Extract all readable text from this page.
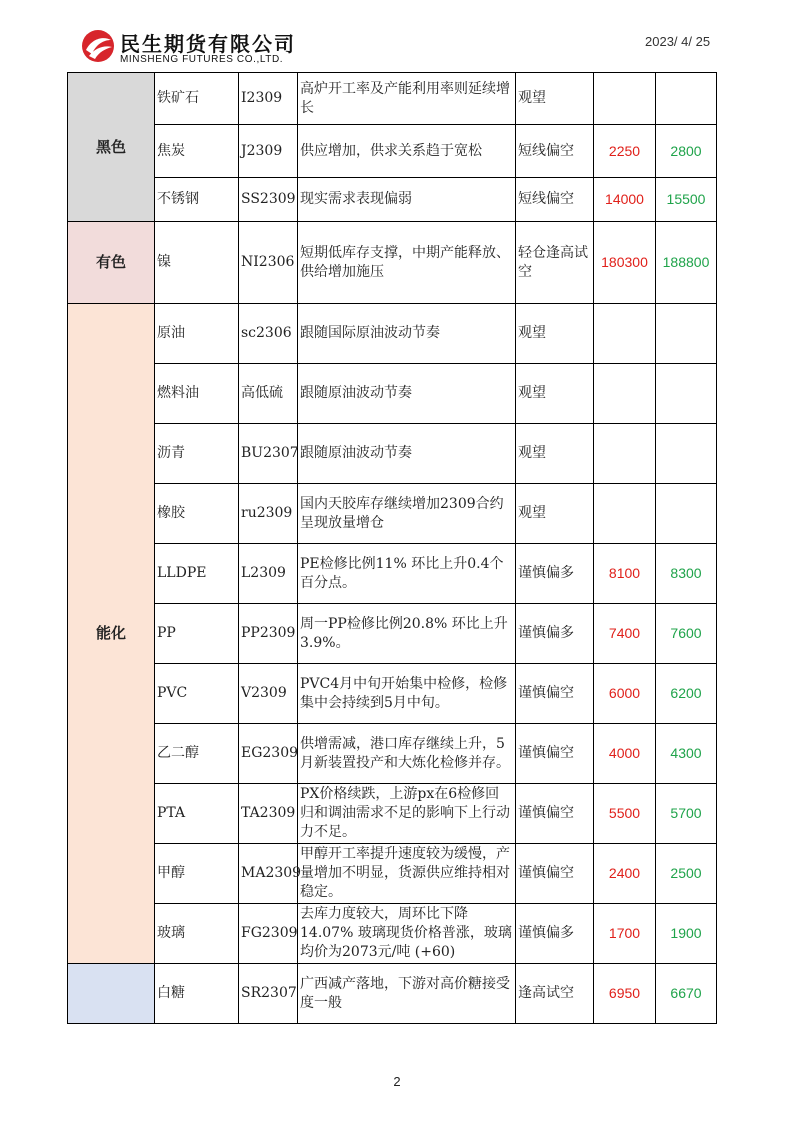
民生期货有限公司
MINSHENG FUTURES CO.,LTD.
2023/ 4/ 25
黑色	铁矿石	I2309	高炉开工率及产能利用率则延续增长	观望		
	焦炭	J2309	供应增加，供求关系趋于宽松	短线偏空	2250	2800
	不锈钢	SS2309	现实需求表现偏弱	短线偏空	14000	15500
有色	镍	NI2306	短期低库存支撑，中期产能释放、供给增加施压	轻仓逢高试空	180300	188800
能化	原油	sc2306	跟随国际原油波动节奏	观望		
	燃料油	高低硫	跟随原油波动节奏	观望		
	沥青	BU2307	跟随原油波动节奏	观望		
	橡胶	ru2309	国内天胶库存继续增加2309合约呈现放量增仓	观望		
	LLDPE	L2309	PE检修比例11% 环比上升0.4个百分点。	谨慎偏多	8100	8300
	PP	PP2309	周一PP检修比例20.8% 环比上升3.9%。	谨慎偏多	7400	7600
	PVC	V2309	PVC4月中旬开始集中检修，检修集中会持续到5月中旬。	谨慎偏空	6000	6200
	乙二醇	EG2309	供增需减，港口库存继续上升，5月新装置投产和大炼化检修并存。	谨慎偏空	4000	4300
	PTA	TA2309	PX价格续跌，上游px在6检修回归和调油需求不足的影响下上行动力不足。	谨慎偏空	5500	5700
	甲醇	MA2309	甲醇开工率提升速度较为缓慢，产量增加不明显，货源供应维持相对稳定。	谨慎偏空	2400	2500
	玻璃	FG2309	去库力度较大，周环比下降14.07% 玻璃现货价格普涨，玻璃均价为2073元/吨 (+60)	谨慎偏多	1700	1900
	白糖	SR2307	广西减产落地，下游对高价糖接受度一般	逢高试空	6950	6670
2
